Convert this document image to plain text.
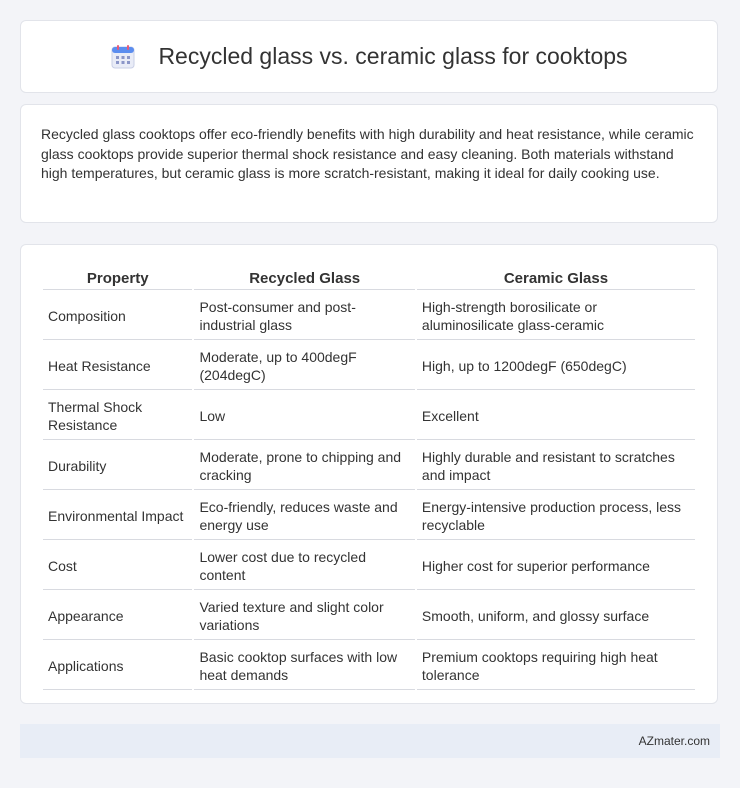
Recycled glass vs. ceramic glass for cooktops

Recycled glass cooktops offer eco-friendly benefits with high durability and heat resistance, while ceramic glass cooktops provide superior thermal shock resistance and easy cleaning. Both materials withstand high temperatures, but ceramic glass is more scratch-resistant, making it ideal for daily cooking use.

Property	Recycled Glass	Ceramic Glass
Composition	Post-consumer and post-industrial glass	High-strength borosilicate or aluminosilicate glass-ceramic
Heat Resistance	Moderate, up to 400degF (204degC)	High, up to 1200degF (650degC)
Thermal Shock Resistance	Low	Excellent
Durability	Moderate, prone to chipping and cracking	Highly durable and resistant to scratches and impact
Environmental Impact	Eco-friendly, reduces waste and energy use	Energy-intensive production process, less recyclable
Cost	Lower cost due to recycled content	Higher cost for superior performance
Appearance	Varied texture and slight color variations	Smooth, uniform, and glossy surface
Applications	Basic cooktop surfaces with low heat demands	Premium cooktops requiring high heat tolerance
AZmater.com
